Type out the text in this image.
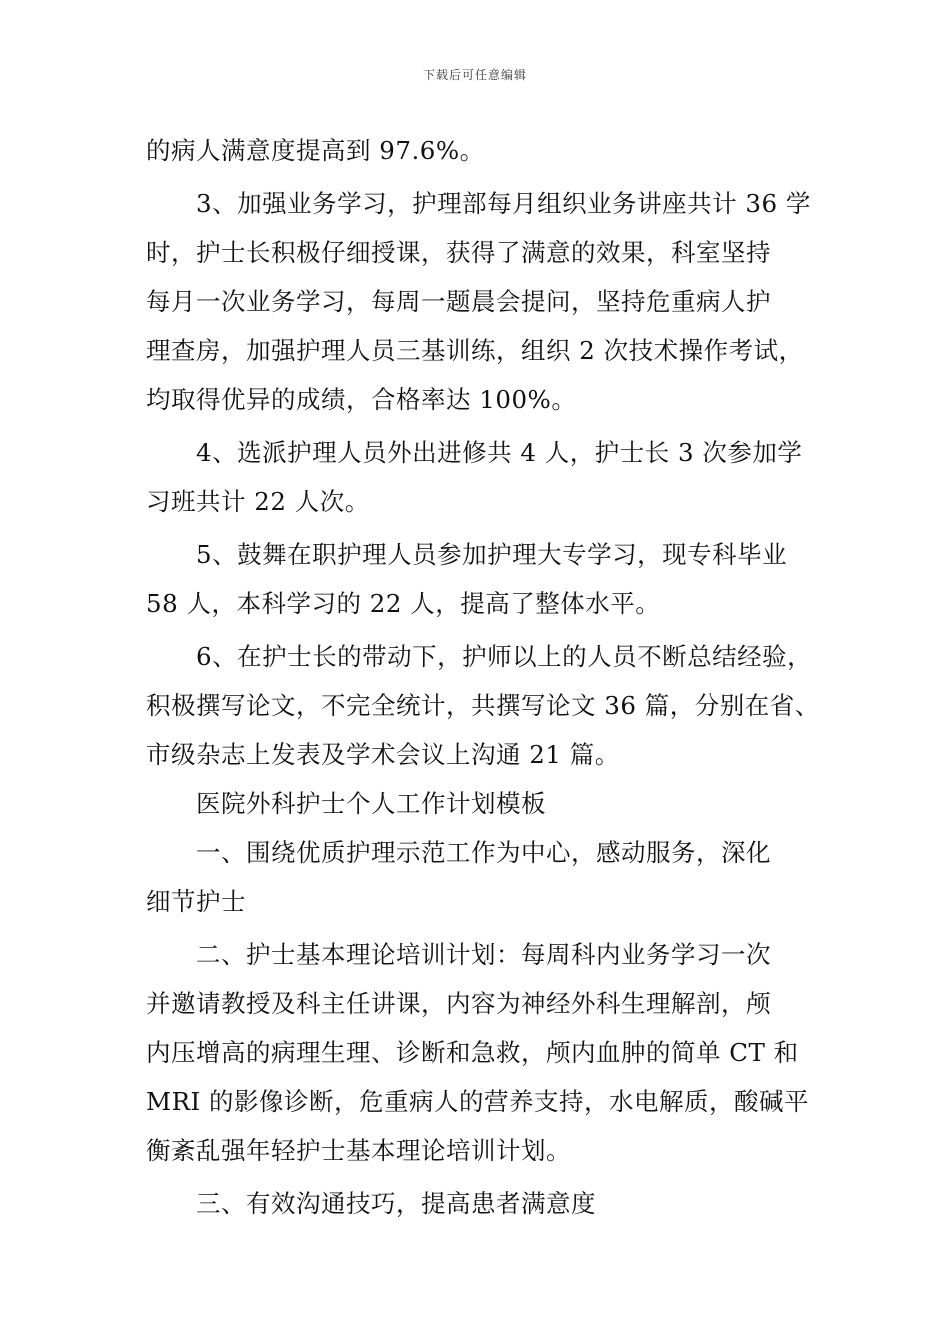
下载后可任意编辑
的病人满意度提高到 97.6%。
3、加强业务学习，护理部每月组织业务讲座共计 36 学
时，护士长积极仔细授课，获得了满意的效果，科室坚持
每月一次业务学习，每周一题晨会提问，坚持危重病人护
理查房，加强护理人员三基训练，组织 2 次技术操作考试，
均取得优异的成绩，合格率达 100%。
4、选派护理人员外出进修共 4 人，护士长 3 次参加学
习班共计 22 人次。
5、鼓舞在职护理人员参加护理大专学习，现专科毕业
58 人，本科学习的 22 人，提高了整体水平。
6、在护士长的带动下，护师以上的人员不断总结经验，
积极撰写论文，不完全统计，共撰写论文 36 篇，分别在省、
市级杂志上发表及学术会议上沟通 21 篇。
医院外科护士个人工作计划模板
一、围绕优质护理示范工作为中心，感动服务，深化
细节护士
二、护士基本理论培训计划：每周科内业务学习一次
并邀请教授及科主任讲课，内容为神经外科生理解剖，颅
内压增高的病理生理、诊断和急救，颅内血肿的简单 CT 和
MRI 的影像诊断，危重病人的营养支持，水电解质，酸碱平
衡紊乱强年轻护士基本理论培训计划。
三、有效沟通技巧，提高患者满意度
